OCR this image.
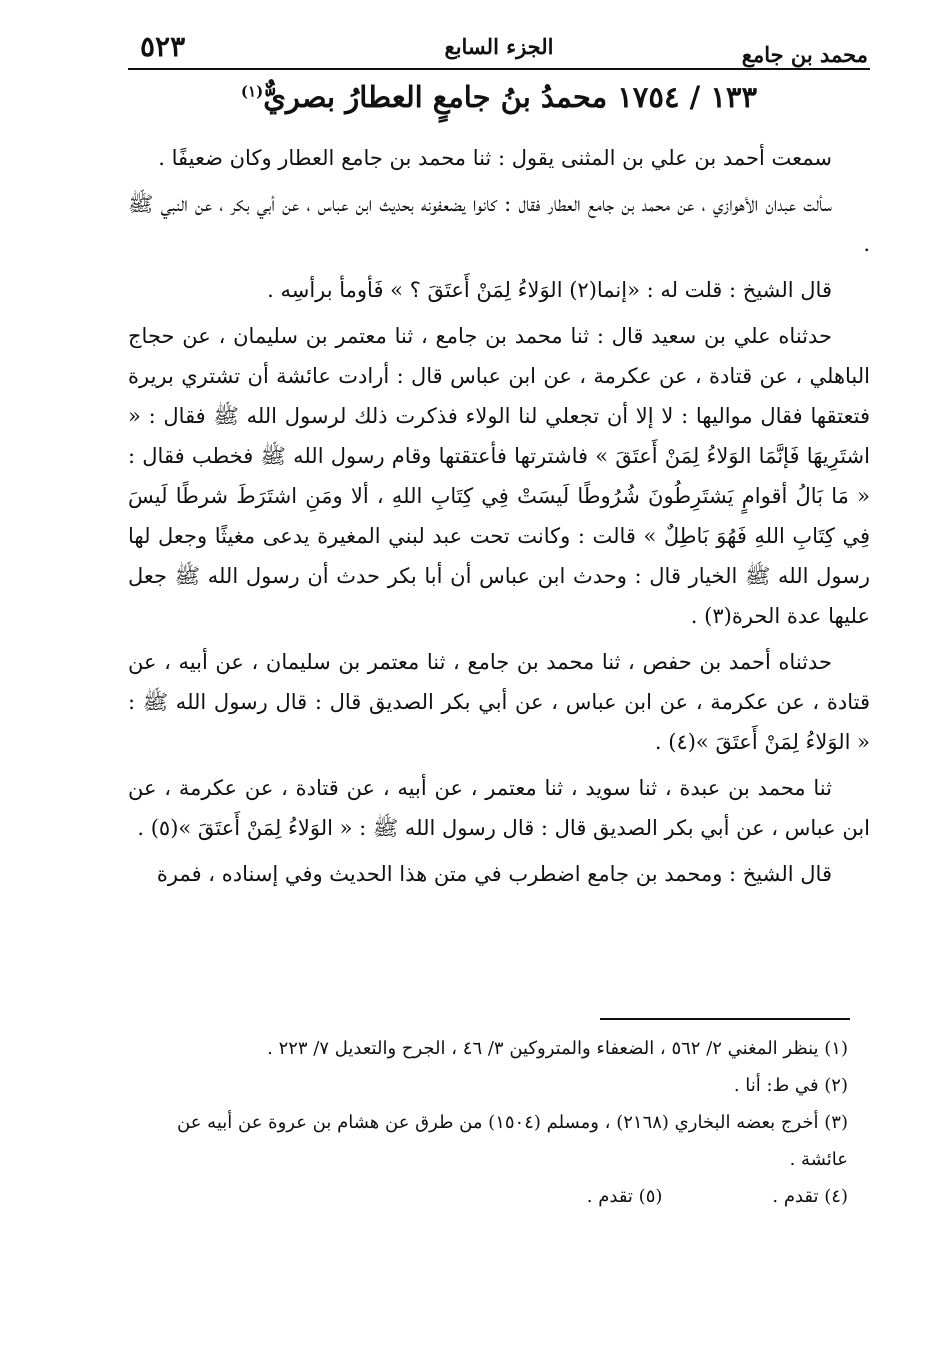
محمد بن جامع
الجزء السابع
٥٢٣
١٣٣ / ١٧٥٤ محمدُ بنُ جامعٍ العطارُ بصريٌّ$^{(١)}$

سمعت أحمد بن علي بن المثنى يقول : ثنا محمد بن جامع العطار وكان ضعيفًا .

سألت عبدان الأهوازي ، عن محمد بن جامع العطار فقال : كانوا يضعفونه بحديث ابن عباس ، عن أبي بكر ، عن النبي ﷺ .

قال الشيخ : قلت له : «إنما(٢) الوَلاءُ لِمَنْ أَعتَقَ ؟ » فَأومأ برأسِه .

حدثناه علي بن سعيد قال : ثنا محمد بن جامع ، ثنا معتمر بن سليمان ، عن حجاج الباهلي ، عن قتادة ، عن عكرمة ، عن ابن عباس قال : أرادت عائشة أن تشتري بريرة فتعتقها فقال مواليها : لا إلا أن تجعلي لنا الولاء فذكرت ذلك لرسول الله ﷺ فقال : « اشتَرِيهَا فَإنَّمَا الوَلاءُ لِمَنْ أَعتَقَ » فاشترتها فأعتقتها وقام رسول الله ﷺ فخطب فقال : « مَا بَالُ أقوامٍ يَشتَرِطُونَ شُرُوطًا لَيسَتْ فِي كِتَابِ اللهِ ، ألا ومَنِ اشتَرَطَ شرطًا لَيسَ فِي كِتَابِ اللهِ فَهُوَ بَاطِلٌ » قالت : وكانت تحت عبد لبني المغيرة يدعى مغيثًا وجعل لها رسول الله ﷺ الخيار قال : وحدث ابن عباس أن أبا بكر حدث أن رسول الله ﷺ جعل عليها عدة الحرة(٣) .

حدثناه أحمد بن حفص ، ثنا محمد بن جامع ، ثنا معتمر بن سليمان ، عن أبيه ، عن قتادة ، عن عكرمة ، عن ابن عباس ، عن أبي بكر الصديق قال : قال رسول الله ﷺ : « الوَلاءُ لِمَنْ أَعتَقَ »(٤) .

ثنا محمد بن عبدة ، ثنا سويد ، ثنا معتمر ، عن أبيه ، عن قتادة ، عن عكرمة ، عن ابن عباس ، عن أبي بكر الصديق قال : قال رسول الله ﷺ : « الوَلاءُ لِمَنْ أَعتَقَ »(٥) .

قال الشيخ : ومحمد بن جامع اضطرب في متن هذا الحديث وفي إسناده ، فمرة

(١) ينظر المغني ٢/ ٥٦٢ ، الضعفاء والمتروكين ٣/ ٤٦ ، الجرح والتعديل ٧/ ٢٢٣ .

(٢) في ط: أنا .

(٣) أخرج بعضه البخاري (٢١٦٨) ، ومسلم (١٥٠٤) من طرق عن هشام بن عروة عن أبيه عن عائشة .

(٤) تقدم .
(٥) تقدم .
